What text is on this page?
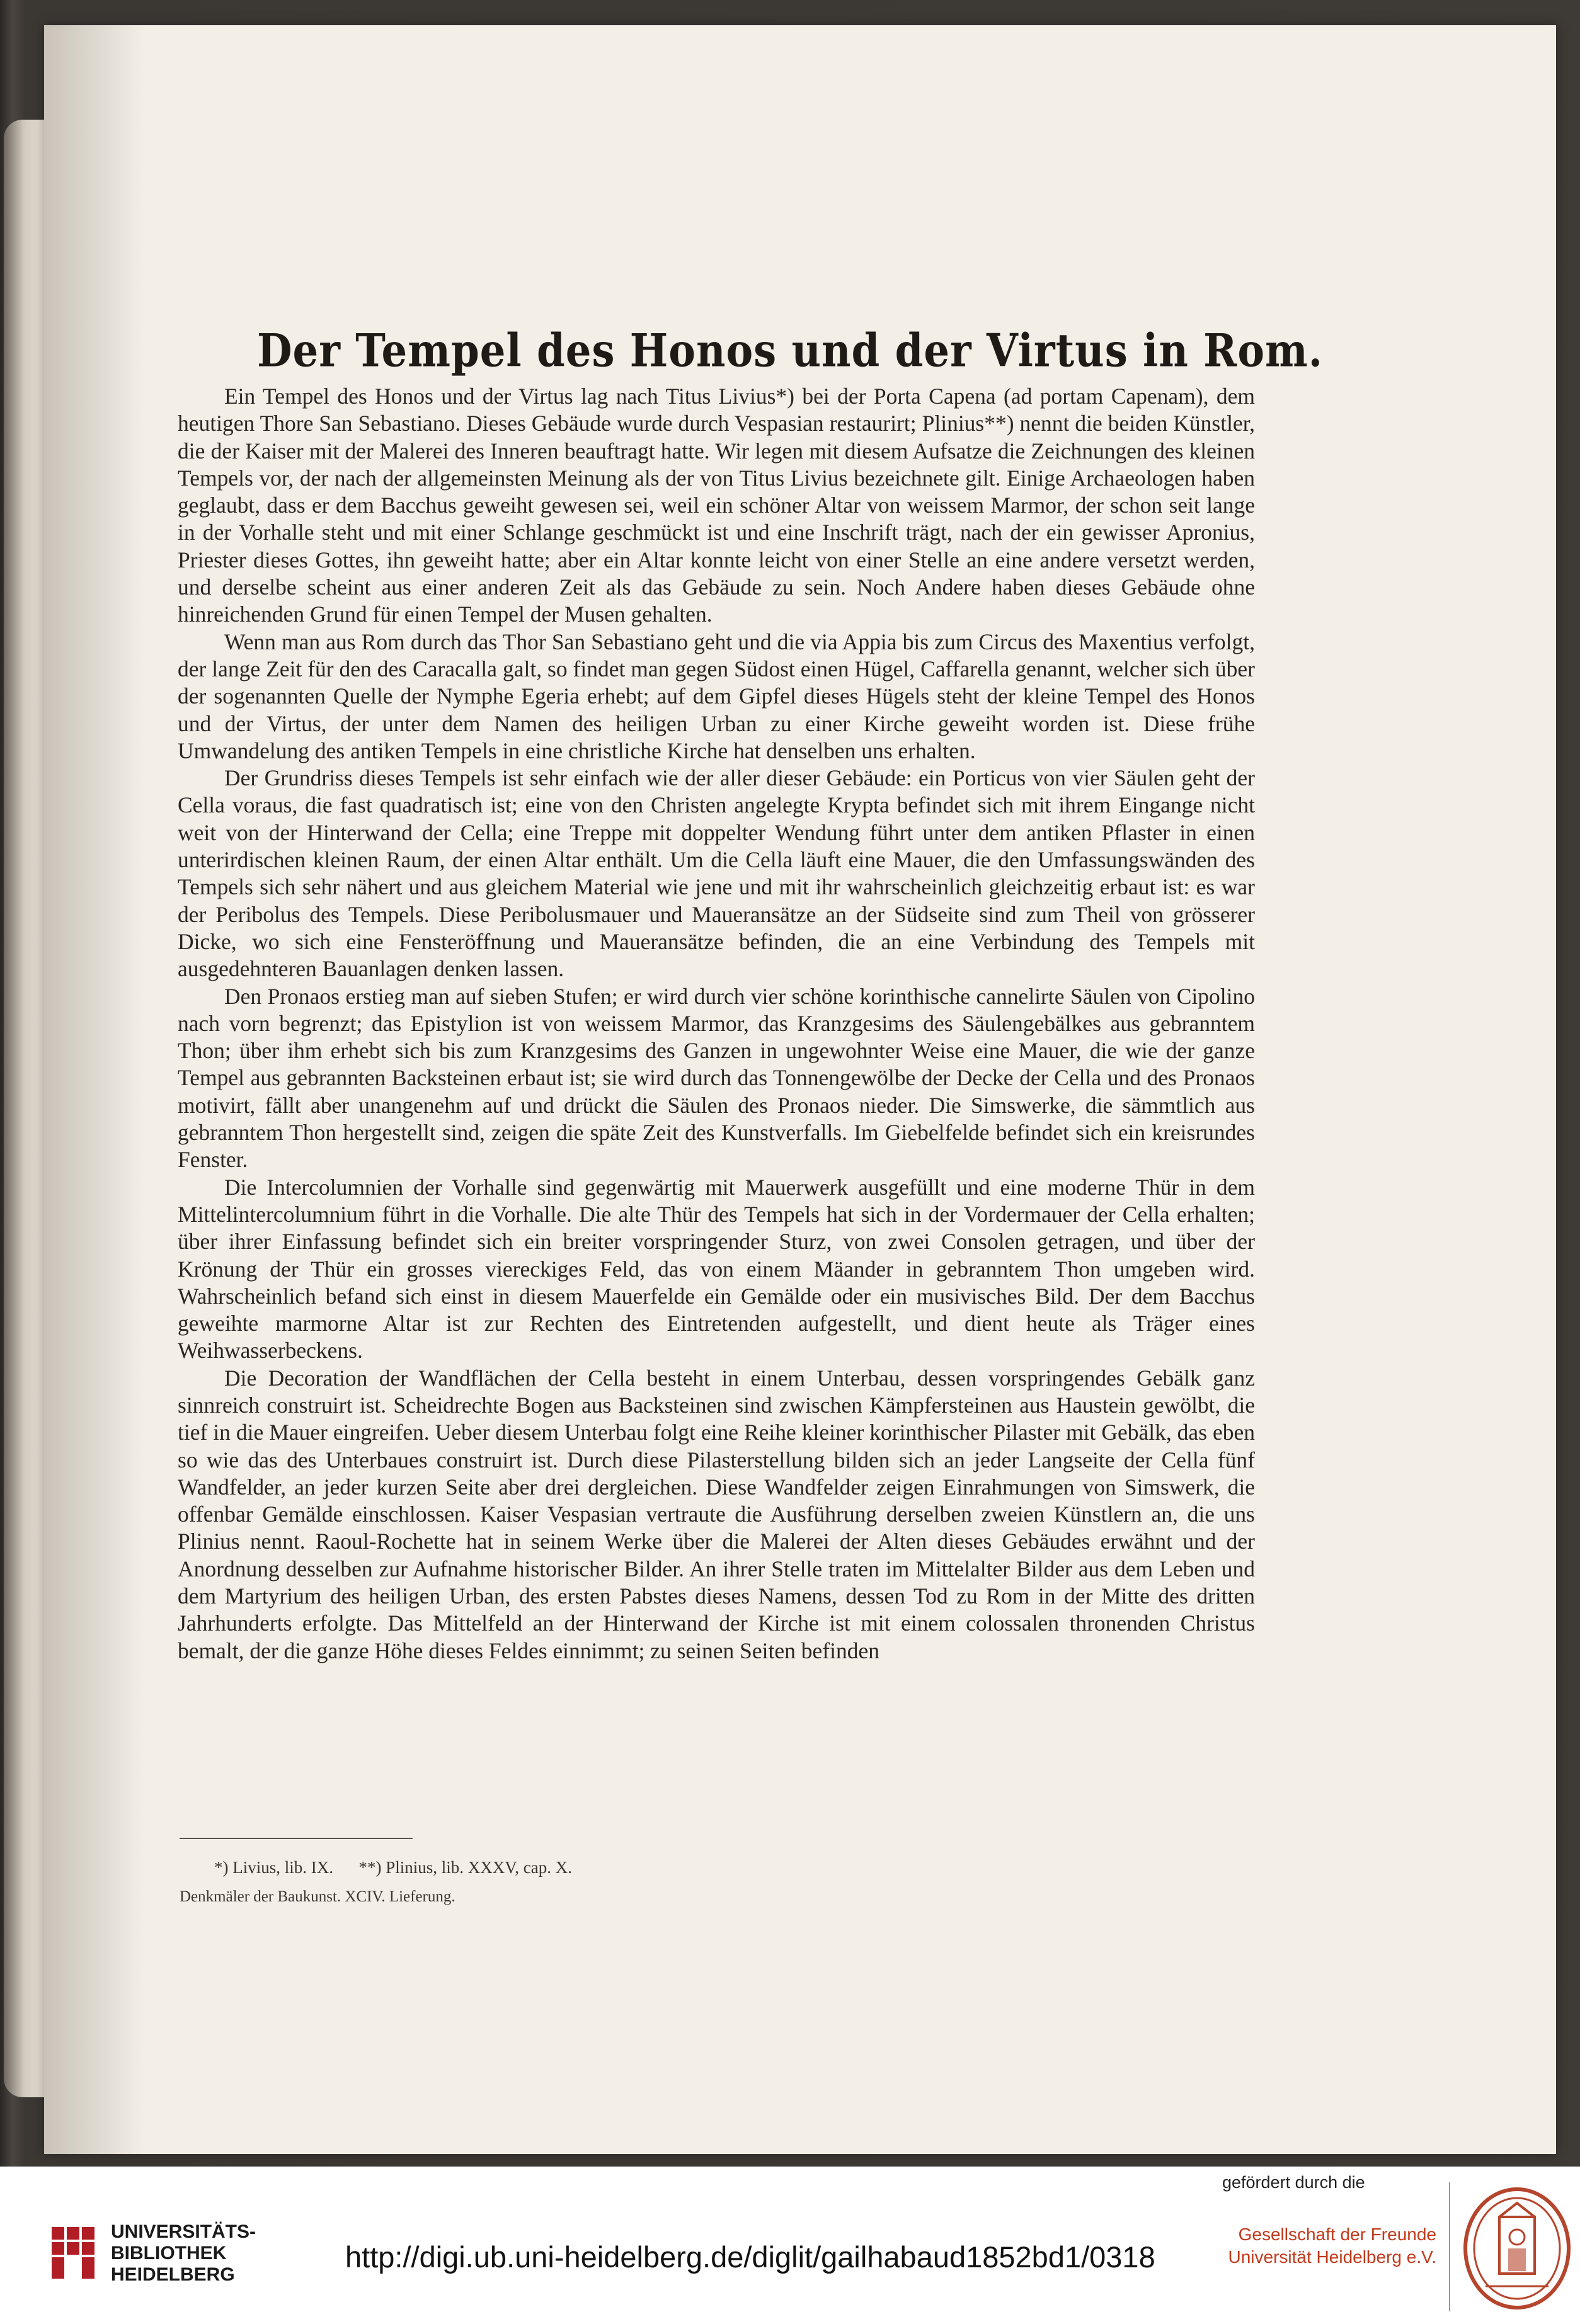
Der Tempel des Honos und der Virtus in Rom.

Ein Tempel des Honos und der Virtus lag nach Titus Livius*) bei der Porta Capena (ad portam Capenam), dem heutigen Thore San Sebastiano. Dieses Gebäude wurde durch Vespasian restaurirt; Plinius**) nennt die beiden Künstler, die der Kaiser mit der Malerei des Inneren beauftragt hatte. Wir legen mit diesem Aufsatze die Zeichnungen des kleinen Tempels vor, der nach der allgemeinsten Meinung als der von Titus Livius bezeichnete gilt. Einige Archaeologen haben geglaubt, dass er dem Bacchus geweiht gewesen sei, weil ein schöner Altar von weissem Marmor, der schon seit lange in der Vorhalle steht und mit einer Schlange geschmückt ist und eine Inschrift trägt, nach der ein gewisser Apronius, Priester dieses Gottes, ihn geweiht hatte; aber ein Altar konnte leicht von einer Stelle an eine andere versetzt werden, und derselbe scheint aus einer anderen Zeit als das Gebäude zu sein. Noch Andere haben dieses Gebäude ohne hinreichenden Grund für einen Tempel der Musen gehalten.

Wenn man aus Rom durch das Thor San Sebastiano geht und die via Appia bis zum Circus des Maxentius verfolgt, der lange Zeit für den des Caracalla galt, so findet man gegen Südost einen Hügel, Caffarella genannt, welcher sich über der sogenannten Quelle der Nymphe Egeria erhebt; auf dem Gipfel dieses Hügels steht der kleine Tempel des Honos und der Virtus, der unter dem Namen des heiligen Urban zu einer Kirche geweiht worden ist. Diese frühe Umwandelung des antiken Tempels in eine christliche Kirche hat denselben uns erhalten.

Der Grundriss dieses Tempels ist sehr einfach wie der aller dieser Gebäude: ein Porticus von vier Säulen geht der Cella voraus, die fast quadratisch ist; eine von den Christen angelegte Krypta befindet sich mit ihrem Eingange nicht weit von der Hinterwand der Cella; eine Treppe mit doppelter Wendung führt unter dem antiken Pflaster in einen unterirdischen kleinen Raum, der einen Altar enthält. Um die Cella läuft eine Mauer, die den Umfassungswänden des Tempels sich sehr nähert und aus gleichem Material wie jene und mit ihr wahrscheinlich gleichzeitig erbaut ist: es war der Peribolus des Tempels. Diese Peribolusmauer und Maueransätze an der Südseite sind zum Theil von grösserer Dicke, wo sich eine Fensteröffnung und Maueransätze befinden, die an eine Verbindung des Tempels mit ausgedehnteren Bauanlagen denken lassen.

Den Pronaos erstieg man auf sieben Stufen; er wird durch vier schöne korinthische cannelirte Säulen von Cipolino nach vorn begrenzt; das Epistylion ist von weissem Marmor, das Kranzgesims des Säulengebälkes aus gebranntem Thon; über ihm erhebt sich bis zum Kranzgesims des Ganzen in ungewohnter Weise eine Mauer, die wie der ganze Tempel aus gebrannten Backsteinen erbaut ist; sie wird durch das Tonnengewölbe der Decke der Cella und des Pronaos motivirt, fällt aber unangenehm auf und drückt die Säulen des Pronaos nieder. Die Simswerke, die sämmtlich aus gebranntem Thon hergestellt sind, zeigen die späte Zeit des Kunstverfalls. Im Giebelfelde befindet sich ein kreisrundes Fenster.

Die Intercolumnien der Vorhalle sind gegenwärtig mit Mauerwerk ausgefüllt und eine moderne Thür in dem Mittelintercolumnium führt in die Vorhalle. Die alte Thür des Tempels hat sich in der Vordermauer der Cella erhalten; über ihrer Einfassung befindet sich ein breiter vorspringender Sturz, von zwei Consolen getragen, und über der Krönung der Thür ein grosses viereckiges Feld, das von einem Mäander in gebranntem Thon umgeben wird. Wahrscheinlich befand sich einst in diesem Mauerfelde ein Gemälde oder ein musivisches Bild. Der dem Bacchus geweihte marmorne Altar ist zur Rechten des Eintretenden aufgestellt, und dient heute als Träger eines Weihwasserbeckens.

Die Decoration der Wandflächen der Cella besteht in einem Unterbau, dessen vorspringendes Gebälk ganz sinnreich construirt ist. Scheidrechte Bogen aus Backsteinen sind zwischen Kämpfersteinen aus Haustein gewölbt, die tief in die Mauer eingreifen. Ueber diesem Unterbau folgt eine Reihe kleiner korinthischer Pilaster mit Gebälk, das eben so wie das des Unterbaues construirt ist. Durch diese Pilasterstellung bilden sich an jeder Langseite der Cella fünf Wandfelder, an jeder kurzen Seite aber drei dergleichen. Diese Wandfelder zeigen Einrahmungen von Simswerk, die offenbar Gemälde einschlossen. Kaiser Vespasian vertraute die Ausführung derselben zweien Künstlern an, die uns Plinius nennt. Raoul-Rochette hat in seinem Werke über die Malerei der Alten dieses Gebäudes erwähnt und der Anordnung desselben zur Aufnahme historischer Bilder. An ihrer Stelle traten im Mittelalter Bilder aus dem Leben und dem Martyrium des heiligen Urban, des ersten Pabstes dieses Namens, dessen Tod zu Rom in der Mitte des dritten Jahrhunderts erfolgte. Das Mittelfeld an der Hinterwand der Kirche ist mit einem colossalen thronenden Christus bemalt, der die ganze Höhe dieses Feldes einnimmt; zu seinen Seiten befinden

*) Livius, lib. IX.      **) Plinius, lib. XXXV, cap. X.
Denkmäler der Baukunst. XCIV. Lieferung.
UNIVERSITÄTS-
BIBLIOTHEK
HEIDELBERG
http://digi.ub.uni-heidelberg.de/diglit/gailhabaud1852bd1/0318
gefördert durch die
Gesellschaft der Freunde
Universität Heidelberg e.V.
